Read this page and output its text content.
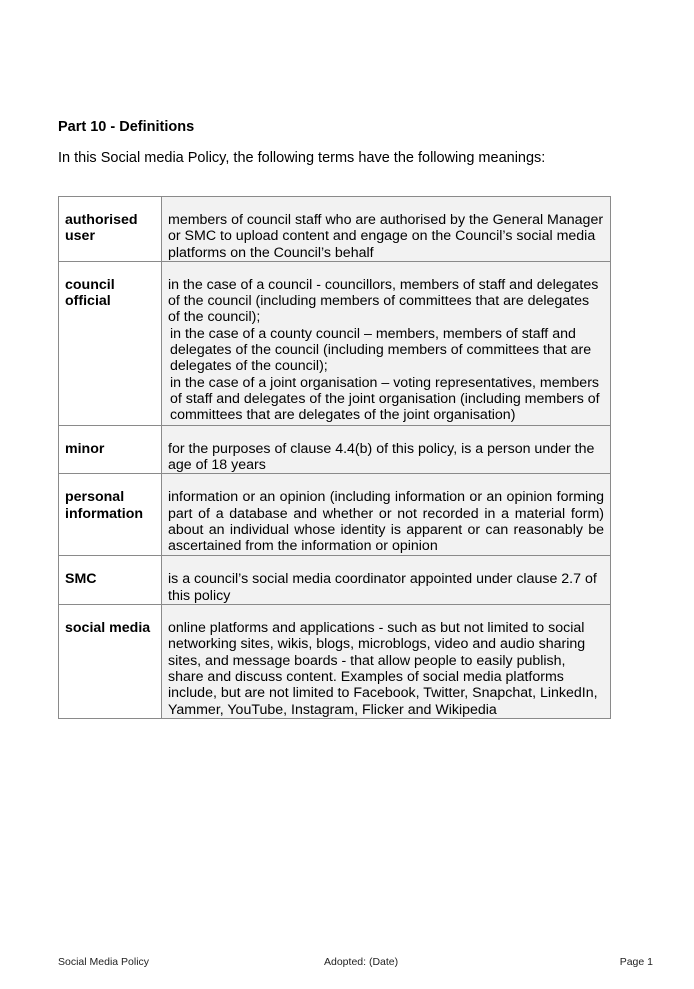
Part 10 - Definitions
In this Social media Policy, the following terms have the following meanings:
authorised user	members of council staff who are authorised by the General Manager or SMC to upload content and engage on the Council’s social media platforms on the Council’s behalf

council official	in the case of a council - councillors, members of staff and delegates of the council (including members of committees that are delegates of the council);

in the case of a county council – members, members of staff and delegates of the council (including members of committees that are delegates of the council);

in the case of a joint organisation – voting representatives, members of staff and delegates of the joint organisation (including members of committees that are delegates of the joint organisation)

minor	for the purposes of clause 4.4(b) of this policy, is a person under the age of 18 years

personal information	information or an opinion (including information or an opinion forming part of a database and whether or not recorded in a material form) about an individual whose identity is apparent or can reasonably be ascertained from the information or opinion

SMC	is a council’s social media coordinator appointed under clause 2.7 of this policy

social media	online platforms and applications - such as but not limited to social networking sites, wikis, blogs, microblogs, video and audio sharing sites, and message boards - that allow people to easily publish, share and discuss content. Examples of social media platforms include, but are not limited to Facebook, Twitter, Snapchat, LinkedIn, Yammer, YouTube, Instagram, Flicker and Wikipedia

Social Media Policy	Adopted: (Date)	Page 1
